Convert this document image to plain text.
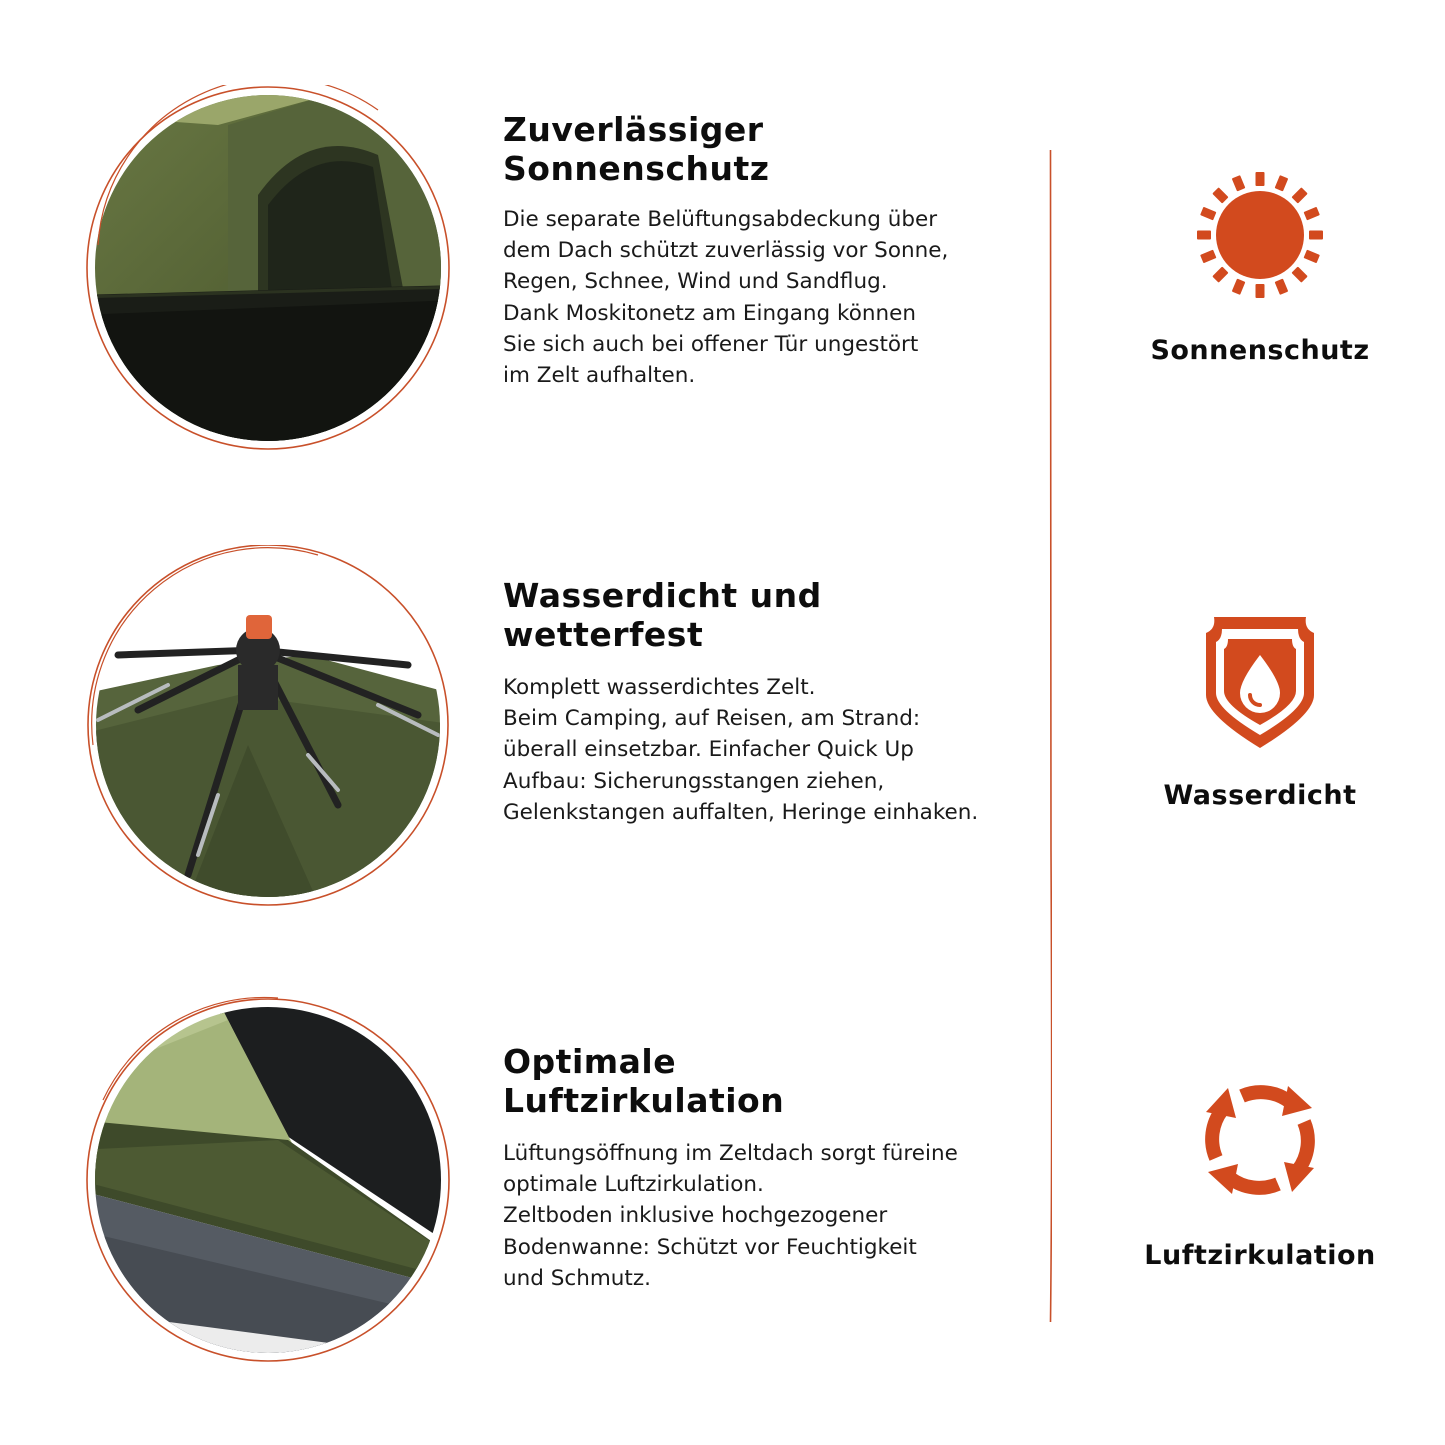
Zuverlässiger
Sonnenschutz

Die separate Belüftungsabdeckung über
dem Dach schützt zuverlässig vor Sonne,
Regen, Schnee, Wind und Sandflug.
Dank Moskitonetz am Eingang können
Sie sich auch bei offener Tür ungestört
im Zelt aufhalten.

Wasserdicht und
wetterfest

Komplett wasserdichtes Zelt.
Beim Camping, auf Reisen, am Strand:
überall einsetzbar. Einfacher Quick Up
Aufbau: Sicherungsstangen ziehen,
Gelenkstangen auffalten, Heringe einhaken.

Optimale
Luftzirkulation

Lüftungsöffnung im Zeltdach sorgt füreine
optimale Luftzirkulation.
Zeltboden inklusive hochgezogener
Bodenwanne: Schützt vor Feuchtigkeit
und Schmutz.

Sonnenschutz
Wasserdicht
Luftzirkulation
